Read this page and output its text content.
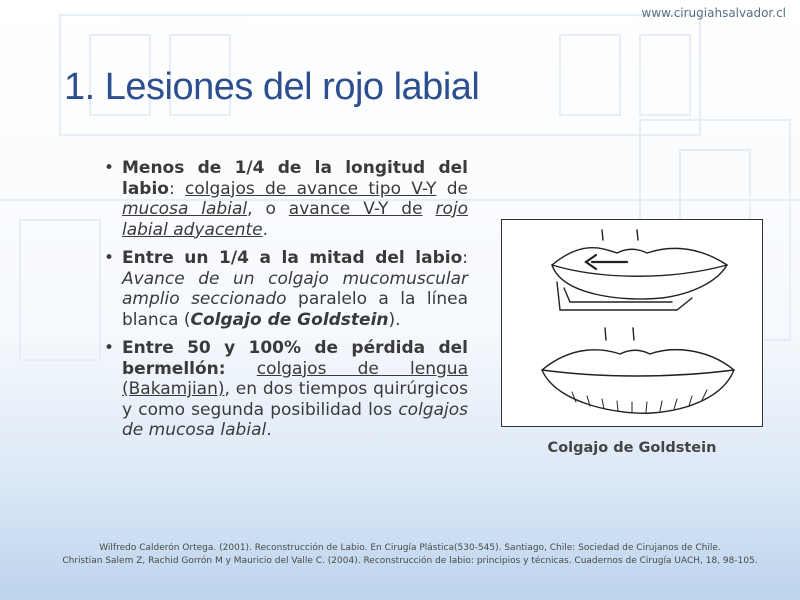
www.cirugiahsalvador.cl
1. Lesiones del rojo labial
• Menos de 1/4 de la longitud del labio: colgajos de avance tipo V-Y de mucosa labial, o avance V-Y de rojo labial adyacente.
• Entre un 1/4 a la mitad del labio: Avance de un colgajo mucomuscular amplio seccionado paralelo a la línea blanca (Colgajo de Goldstein).
• Entre 50 y 100% de pérdida del bermellón: colgajos de lengua (Bakamjian), en dos tiempos quirúrgicos y como segunda posibilidad los colgajos de mucosa labial.
Colgajo de Goldstein
Wilfredo Calderón Ortega. (2001). Reconstrucción de Labio. En Cirugía Plástica(530-545). Santiago, Chile: Sociedad de Cirujanos de Chile.
Christian Salem Z, Rachid Gorrón M y Mauricio del Valle C. (2004). Reconstrucción de labio: principios y técnicas. Cuadernos de Cirugía UACH, 18, 98-105.
